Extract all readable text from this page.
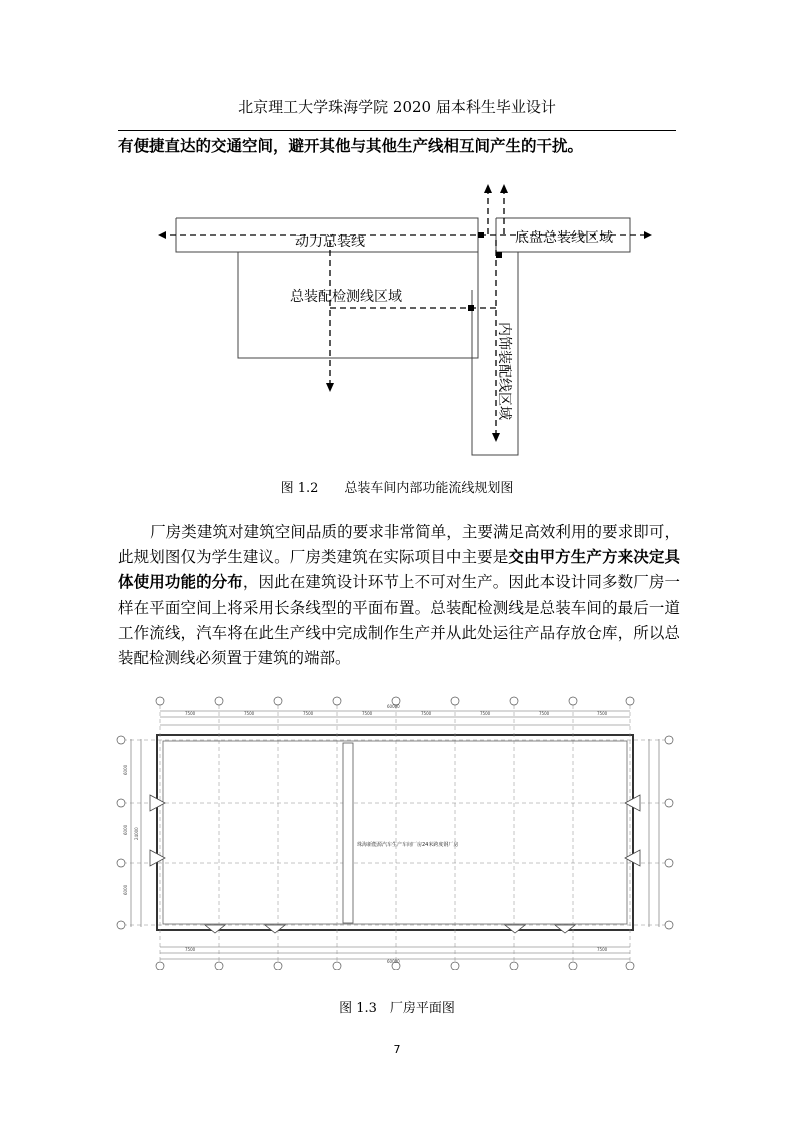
北京理工大学珠海学院 2020 届本科生毕业设计
有便捷直达的交通空间，避开其他与其他生产线相互间产生的干扰。
动力总装线	底盘总装线区域
总装配检测线区域
内饰装配线区域
图 1.2　　总装车间内部功能流线规划图

厂房类建筑对建筑空间品质的要求非常简单，主要满足高效利用的要求即可，此规划图仅为学生建议。厂房类建筑在实际项目中主要是交由甲方生产方来决定具体使用功能的分布，因此在建筑设计环节上不可对生产。因此本设计同多数厂房一样在平面空间上将采用长条线型的平面布置。总装配检测线是总装车间的最后一道工作流线，汽车将在此生产线中完成制作生产并从此处运往产品存放仓库，所以总装配检测线必须置于建筑的端部。

7500	7500	7500	7500	7500	7500	7500	7500
60000
60000
7500	7500
6000
6000
6000
24000
珠海新能源汽车生产车间厂房24米跨度钢厂房
图 1.3　厂房平面图
7
